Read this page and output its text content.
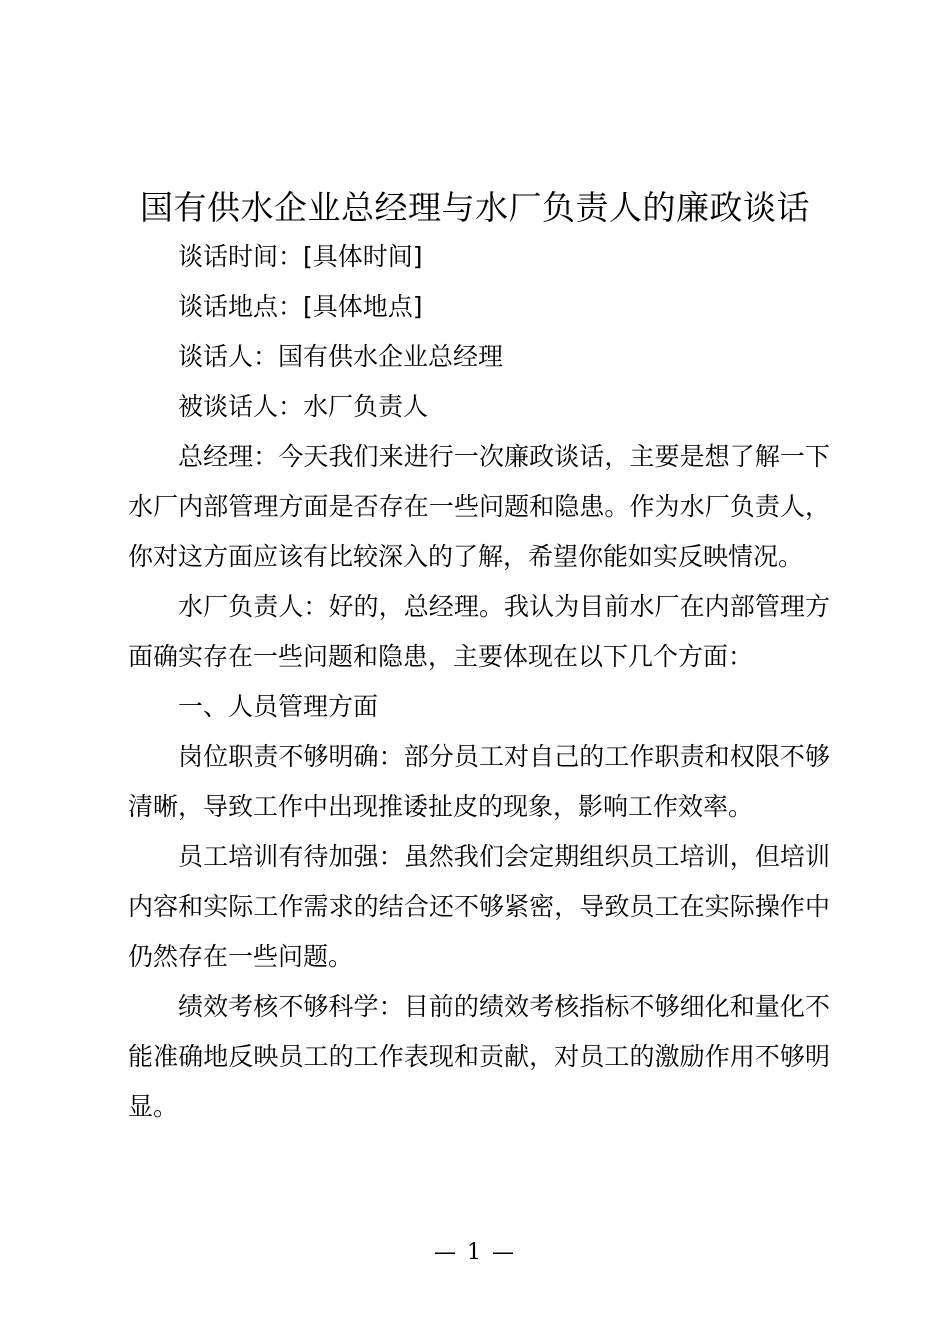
国有供水企业总经理与水厂负责人的廉政谈话

谈话时间：[具体时间]

谈话地点：[具体地点]

谈话人：国有供水企业总经理

被谈话人：水厂负责人

总经理：今天我们来进行一次廉政谈话，主要是想了解一下水厂内部管理方面是否存在一些问题和隐患。作为水厂负责人，你对这方面应该有比较深入的了解，希望你能如实反映情况。

水厂负责人：好的，总经理。我认为目前水厂在内部管理方面确实存在一些问题和隐患，主要体现在以下几个方面：

一、人员管理方面

岗位职责不够明确：部分员工对自己的工作职责和权限不够清晰，导致工作中出现推诿扯皮的现象，影响工作效率。

员工培训有待加强：虽然我们会定期组织员工培训，但培训内容和实际工作需求的结合还不够紧密，导致员工在实际操作中仍然存在一些问题。

绩效考核不够科学：目前的绩效考核指标不够细化和量化不能准确地反映员工的工作表现和贡献，对员工的激励作用不够明显。

— 1 —
